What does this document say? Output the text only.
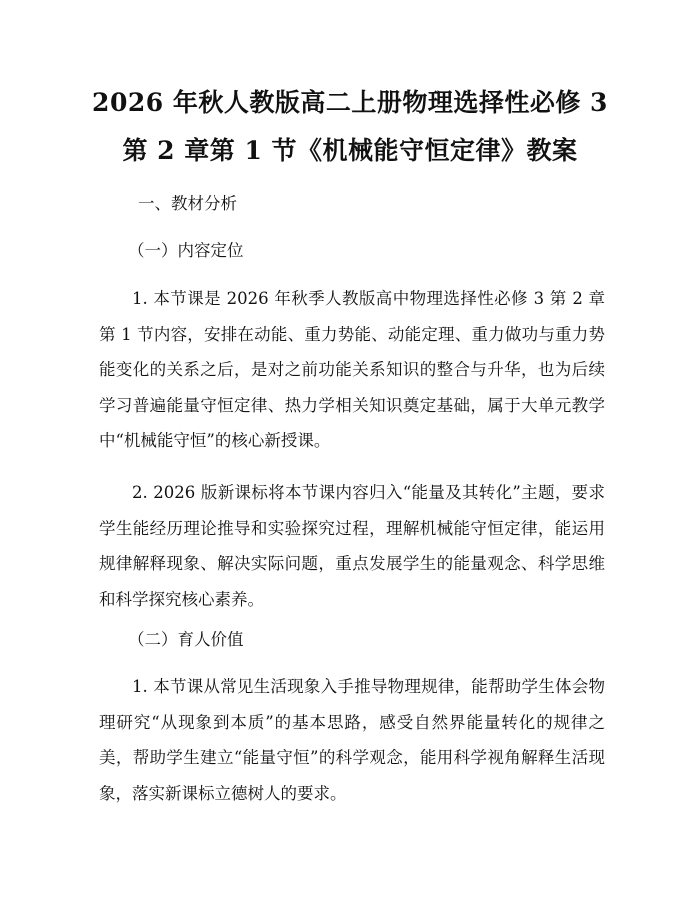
2026 年秋人教版高二上册物理选择性必修 3
第 2 章第 1 节《机械能守恒定律》教案
一、教材分析
（一）内容定位

1. 本节课是 2026 年秋季人教版高中物理选择性必修 3 第 2 章第 1 节内容，安排在动能、重力势能、动能定理、重力做功与重力势能变化的关系之后，是对之前功能关系知识的整合与升华，也为后续学习普遍能量守恒定律、热力学相关知识奠定基础，属于大单元教学中“机械能守恒”的核心新授课。

2. 2026 版新课标将本节课内容归入“能量及其转化”主题，要求学生能经历理论推导和实验探究过程，理解机械能守恒定律，能运用规律解释现象、解决实际问题，重点发展学生的能量观念、科学思维和科学探究核心素养。

（二）育人价值

1. 本节课从常见生活现象入手推导物理规律，能帮助学生体会物理研究“从现象到本质”的基本思路，感受自然界能量转化的规律之美，帮助学生建立“能量守恒”的科学观念，能用科学视角解释生活现象，落实新课标立德树人的要求。
